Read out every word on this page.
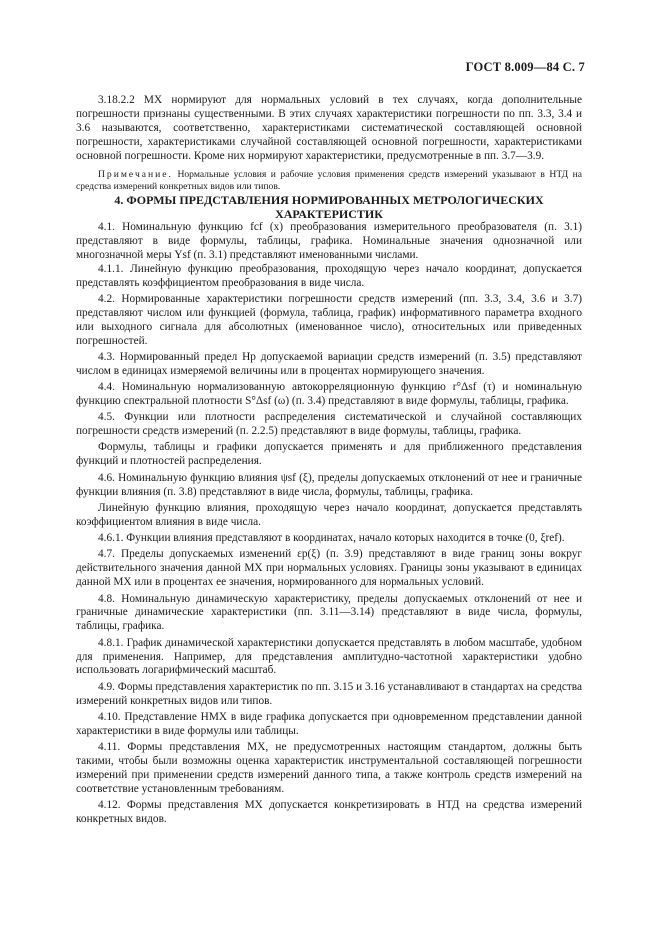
ГОСТ 8.009—84 С. 7

3.18.2.2 МХ нормируют для нормальных условий в тех случаях, когда дополнительные погрешности признаны существенными. В этих случаях характеристики погрешности по пп. 3.3, 3.4 и 3.6 называются, соответственно, характеристиками систематической составляющей основной погрешности, характеристиками случайной составляющей основной погрешности, характеристиками основной погрешности. Кроме них нормируют характеристики, предусмотренные в пп. 3.7—3.9.

Примечание. Нормальные условия и рабочие условия применения средств измерений указывают в НТД на средства измерений конкретных видов или типов.

4. ФОРМЫ ПРЕДСТАВЛЕНИЯ НОРМИРОВАННЫХ МЕТРОЛОГИЧЕСКИХ
ХАРАКТЕРИСТИК

4.1. Номинальную функцию fсf (x) преобразования измерительного преобразователя (п. 3.1) представляют в виде формулы, таблицы, графика. Номинальные значения однозначной или многозначной меры Ysf (п. 3.1) представляют именованными числами.

4.1.1. Линейную функцию преобразования, проходящую через начало координат, допускается представлять коэффициентом преобразования в виде числа.

4.2. Нормированные характеристики погрешности средств измерений (пп. 3.3, 3.4, 3.6 и 3.7) представляют числом или функцией (формула, таблица, график) информативного параметра входного или выходного сигнала для абсолютных (именованное число), относительных или приведенных погрешностей.

4.3. Нормированный предел Hp допускаемой вариации средств измерений (п. 3.5) представляют числом в единицах измеряемой величины или в процентах нормирующего значения.

4.4. Номинальную нормализованную автокорреляционную функцию r°Δsf (τ) и номинальную функцию спектральной плотности S°Δsf (ω) (п. 3.4) представляют в виде формулы, таблицы, графика.

4.5. Функции или плотности распределения систематической и случайной составляющих погрешности средств измерений (п. 2.2.5) представляют в виде формулы, таблицы, графика.

Формулы, таблицы и графики допускается применять и для приближенного представления функций и плотностей распределения.

4.6. Номинальную функцию влияния ψsf (ξ), пределы допускаемых отклонений от нее и граничные функции влияния (п. 3.8) представляют в виде числа, формулы, таблицы, графика.

Линейную функцию влияния, проходящую через начало координат, допускается представлять коэффициентом влияния в виде числа.

4.6.1. Функции влияния представляют в координатах, начало которых находится в точке (0, ξref).

4.7. Пределы допускаемых изменений εp(ξ) (п. 3.9) представляют в виде границ зоны вокруг действительного значения данной МХ при нормальных условиях. Границы зоны указывают в единицах данной МХ или в процентах ее значения, нормированного для нормальных условий.

4.8. Номинальную динамическую характеристику, пределы допускаемых отклонений от нее и граничные динамические характеристики (пп. 3.11—3.14) представляют в виде числа, формулы, таблицы, графика.

4.8.1. График динамической характеристики допускается представлять в любом масштабе, удобном для применения. Например, для представления амплитудно-частотной характеристики удобно использовать логарифмический масштаб.

4.9. Формы представления характеристик по пп. 3.15 и 3.16 устанавливают в стандартах на средства измерений конкретных видов или типов.

4.10. Представление НМХ в виде графика допускается при одновременном представлении данной характеристики в виде формулы или таблицы.

4.11. Формы представления МХ, не предусмотренных настоящим стандартом, должны быть такими, чтобы были возможны оценка характеристик инструментальной составляющей погрешности измерений при применении средств измерений данного типа, а также контроль средств измерений на соответствие установленным требованиям.

4.12. Формы представления МХ допускается конкретизировать в НТД на средства измерений конкретных видов.
